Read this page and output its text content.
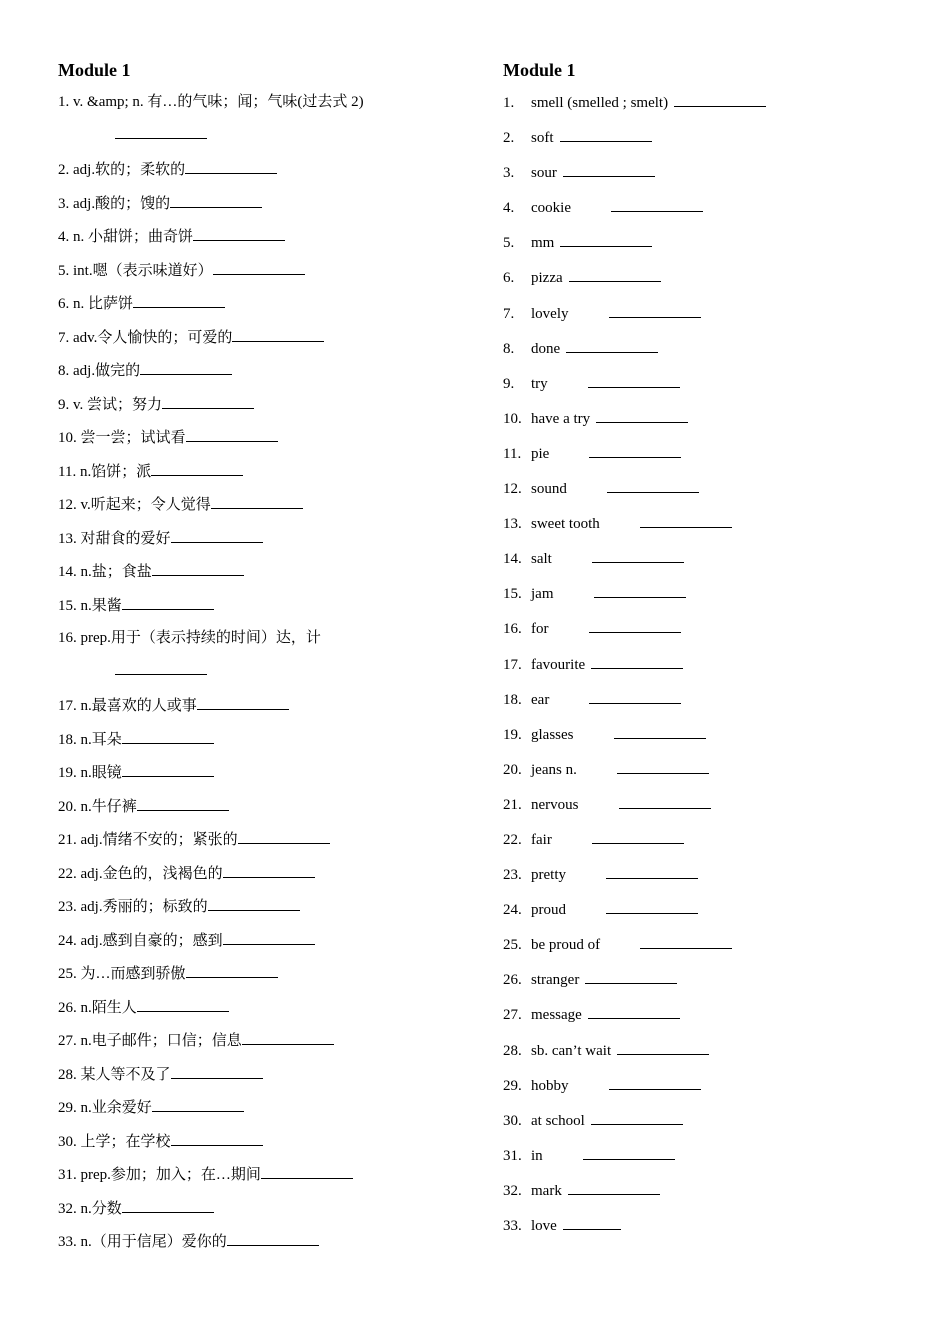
Module 1
1. v. &amp; n. 有…的气味；闻；气味(过去式 2)
2. adj.软的；柔软的
3. adj.酸的；馊的
4. n. 小甜饼；曲奇饼
5. int.嗯（表示味道好）
6. n. 比萨饼
7. adv.令人愉快的；可爱的
8. adj.做完的
9. v. 尝试；努力
10. 尝一尝；试试看
11. n.馅饼；派
12. v.听起来；令人觉得
13. 对甜食的爱好
14. n.盐；食盐
15. n.果酱
16. prep.用于（表示持续的时间）达，计
17. n.最喜欢的人或事
18. n.耳朵
19. n.眼镜
20. n.牛仔裤
21. adj.情绪不安的；紧张的
22. adj.金色的，浅褐色的
23. adj.秀丽的；标致的
24. adj.感到自豪的；感到
25. 为…而感到骄傲
26. n.陌生人
27. n.电子邮件；口信；信息
28. 某人等不及了
29. n.业余爱好
30. 上学；在学校
31. prep.参加；加入；在…期间
32. n.分数
33. n.（用于信尾）爱你的
Module 1
1. smell (smelled ; smelt)
2. soft
3. sour
4. cookie
5. mm
6. pizza
7. lovely
8. done
9. try
10. have a try
11. pie
12. sound
13. sweet tooth
14. salt
15. jam
16. for
17. favourite
18. ear
19. glasses
20. jeans n.
21. nervous
22. fair
23. pretty
24. proud
25. be proud of
26. stranger
27. message
28. sb. can’t wait
29. hobby
30. at school
31. in
32. mark
33. love
